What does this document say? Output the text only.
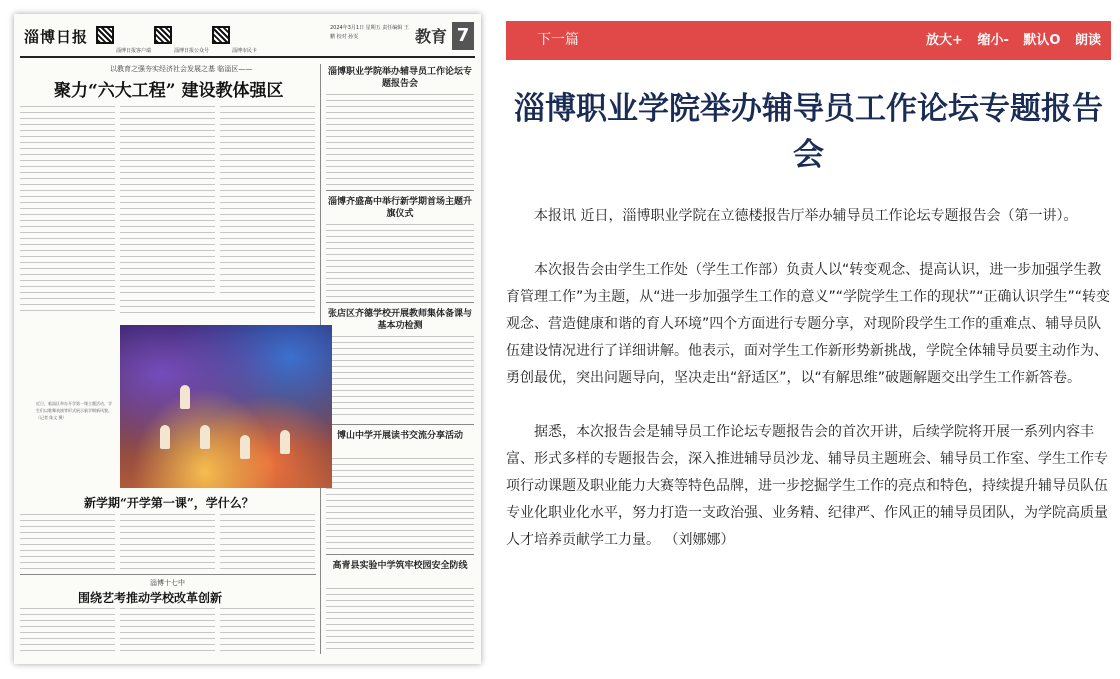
淄博日报
淄博日报客户端	淄博日报公众号	淄博市民卡
2024年3月1日 星期五 责任编辑 王鹏 校对 孙雯	教育 7
以教育之强夯实经济社会发展之基 临淄区——
聚力“六大工程” 建设教体强区
淄博职业学院举办辅导员工作论坛专题报告会
淄博齐盛高中举行新学期首场主题升旗仪式
张店区齐德学校开展教师集体备课与基本功检测
博山中学开展读书交流分享活动
高青县实验中学筑牢校园安全防线
近日，临淄区举办开学第一课主题活动，学生们以歌舞表演等形式展示新学期新风貌。 （记者 陈文 摄）
新学期“开学第一课”，学什么？
淄博十七中
围绕艺考推动学校改革创新
下一篇	放大+ 缩小- 默认O 朗读
淄博职业学院举办辅导员工作论坛专题报告会

本报讯 近日，淄博职业学院在立德楼报告厅举办辅导员工作论坛专题报告会（第一讲）。

本次报告会由学生工作处（学生工作部）负责人以“转变观念、提高认识，进一步加强学生教育管理工作”为主题，从“进一步加强学生工作的意义”“学院学生工作的现状”“正确认识学生”“转变观念、营造健康和谐的育人环境”四个方面进行专题分享，对现阶段学生工作的重难点、辅导员队伍建设情况进行了详细讲解。他表示，面对学生工作新形势新挑战，学院全体辅导员要主动作为、勇创最优，突出问题导向，坚决走出“舒适区”，以“有解思维”破题解题交出学生工作新答卷。

据悉，本次报告会是辅导员工作论坛专题报告会的首次开讲，后续学院将开展一系列内容丰富、形式多样的专题报告会，深入推进辅导员沙龙、辅导员主题班会、辅导员工作室、学生工作专项行动课题及职业能力大赛等特色品牌，进一步挖掘学生工作的亮点和特色，持续提升辅导员队伍专业化职业化水平，努力打造一支政治强、业务精、纪律严、作风正的辅导员团队，为学院高质量人才培养贡献学工力量。 （刘娜娜）
